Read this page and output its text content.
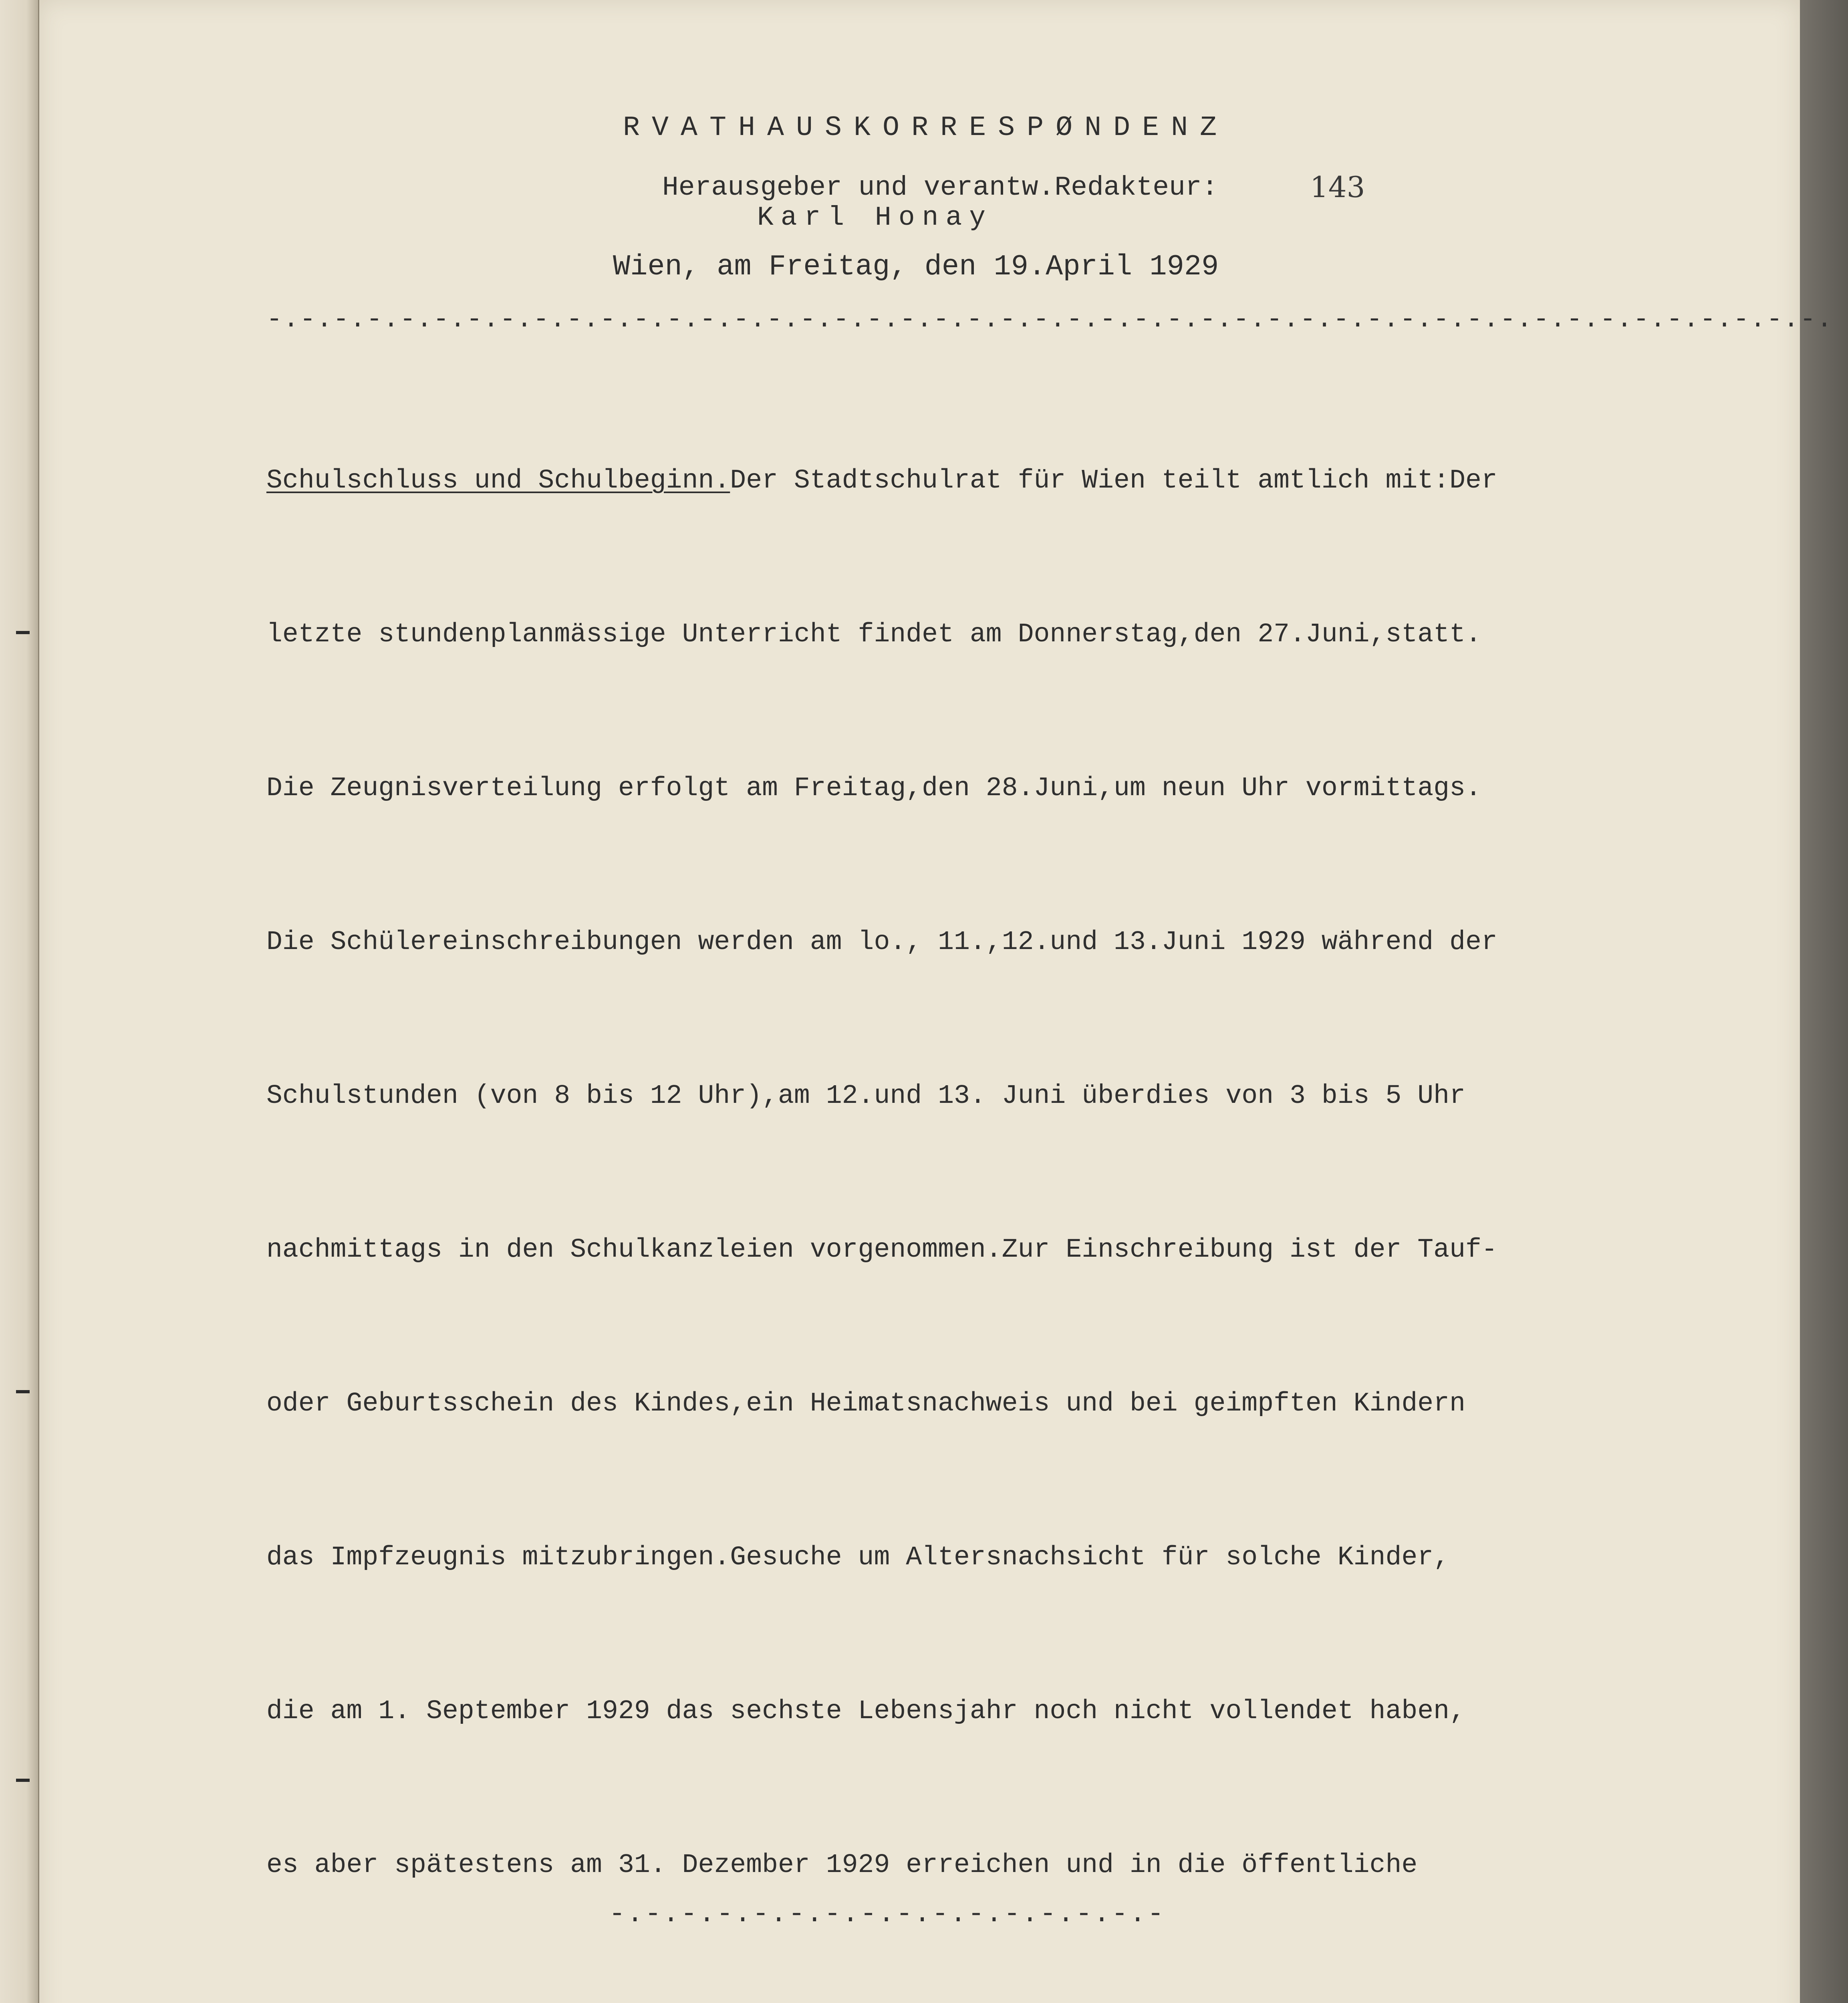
RVATHAUSKORRESPØNDENZ

Herausgeber und verantw.Redakteur:	143

Karl Honay

Wien, am Freitag, den 19.April 1929

-.-.-.-.-.-.-.-.-.-.-.-.-.-.-.-.-.-.-.-.-.-.-.-.-.-.-.-.-.-.-.-.-.-.-.-.-.-.-.-.-.-.-.-.-.-.-.

Schulschluss und Schulbeginn.Der Stadtschulrat für Wien teilt amtlich mit:Der

letzte stundenplanmässige Unterricht findet am Donnerstag,den 27.Juni,statt.

Die Zeugnisverteilung erfolgt am Freitag,den 28.Juni,um neun Uhr vormittags.

Die Schülereinschreibungen werden am lo., 11.,12.und 13.Juni 1929 während der

Schulstunden (von 8 bis 12 Uhr),am 12.und 13. Juni überdies von 3 bis 5 Uhr

nachmittags in den Schulkanzleien vorgenommen.Zur Einschreibung ist der Tauf-

oder Geburtsschein des Kindes,ein Heimatsnachweis und bei geimpften Kindern

das Impfzeugnis mitzubringen.Gesuche um Altersnachsicht für solche Kinder,

die am 1. September 1929 das sechste Lebensjahr noch nicht vollendet haben,

es aber spätestens am 31. Dezember 1929 erreichen und in die öffentliche

-.-.-.-.-.-.-.-.-.-.-.-.-.-.-.-
